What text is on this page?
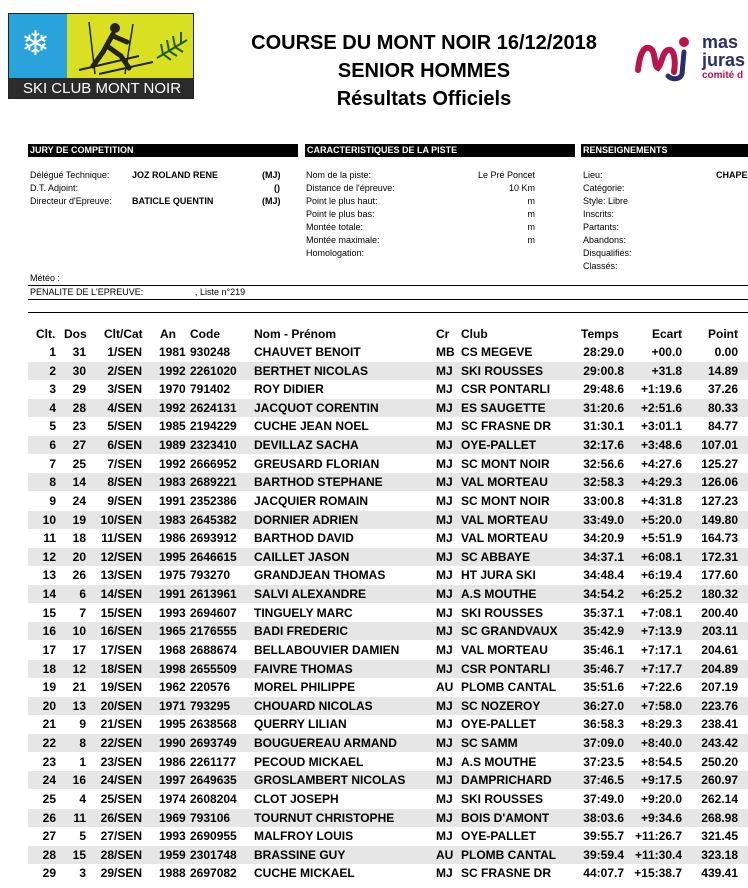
❄
SKI CLUB MONT NOIR
COURSE DU MONT NOIR 16/12/2018
SENIOR HOMMES
Résultats Officiels
mas
juras
comité d
JURY DE COMPETITION	CARACTERISTIQUES DE LA PISTE	RENSEIGNEMENTS
Délégué Technique:	JOZ ROLAND RENE	(MJ)
D.T. Adjoint:	()
Directeur d'Epreuve: BATICLE QUENTIN	(MJ)
Nom de la piste:	Le Pré Poncet
Distance de l'épreuve:	10 Km
Point le plus haut:	m
Point le plus bas:	m
Montée totale:	m
Montée maximale:	m
Homologation:
Lieu:	CHAPE
Catégorie:
Style: Libre
Inscrits:
Partants:
Abandons:
Disqualifiés:
Classés:
Météo :
PENALITE DE L'EPREUVE:	, Liste n°219
Clt. Dos Clt/Cat An Code	Nom - Prénom	Cr Club	Temps	Ecart Point
1	31	1/SEN 1981 930248	CHAUVET BENOIT	MB CS MEGEVE	28:29.0	+00.0	0.00
2	30	2/SEN 1992 2261020	BERTHET NICOLAS	MJ SKI ROUSSES	29:00.8	+31.8	14.89
3	29	3/SEN 1970 791402	ROY DIDIER	MJ CSR PONTARLI	29:48.6	+1:19.6	37.26
4	28	4/SEN 1992 2624131	JACQUOT CORENTIN	MJ ES SAUGETTE	31:20.6	+2:51.6	80.33
5	23	5/SEN 1985 2194229	CUCHE JEAN NOEL	MJ SC FRASNE DR	31:30.1	+3:01.1	84.77
6	27	6/SEN 1989 2323410	DEVILLAZ SACHA	MJ OYE-PALLET	32:17.6	+3:48.6	107.01
7	25	7/SEN 1992 2666952	GREUSARD FLORIAN	MJ SC MONT NOIR	32:56.6	+4:27.6	125.27
8	14	8/SEN 1983 2689221	BARTHOD STEPHANE	MJ VAL MORTEAU	32:58.3	+4:29.3	126.06
9	24	9/SEN 1991 2352386	JACQUIER ROMAIN	MJ SC MONT NOIR	33:00.8	+4:31.8	127.23
10	19	10/SEN 1983 2645382	DORNIER ADRIEN	MJ VAL MORTEAU	33:49.0	+5:20.0	149.80
11	18	11/SEN 1986 2693912	BARTHOD DAVID	MJ VAL MORTEAU	34:20.9	+5:51.9	164.73
12	20	12/SEN 1995 2646615	CAILLET JASON	MJ SC ABBAYE	34:37.1	+6:08.1	172.31
13	26	13/SEN 1975 793270	GRANDJEAN THOMAS	MJ HT JURA SKI	34:48.4	+6:19.4	177.60
14	6	14/SEN 1991 2613961	SALVI ALEXANDRE	MJ A.S MOUTHE	34:54.2	+6:25.2	180.32
15	7	15/SEN 1993 2694607	TINGUELY MARC	MJ SKI ROUSSES	35:37.1	+7:08.1	200.40
16	10	16/SEN 1965 2176555	BADI FREDERIC	MJ SC GRANDVAUX	35:42.9	+7:13.9	203.11
17	17	17/SEN 1968 2688674	BELLABOUVIER DAMIEN	MJ VAL MORTEAU	35:46.1	+7:17.1	204.61
18	12	18/SEN 1998 2655509	FAIVRE THOMAS	MJ CSR PONTARLI	35:46.7	+7:17.7	204.89
19	21	19/SEN 1962 220576	MOREL PHILIPPE	AU PLOMB CANTAL	35:51.6	+7:22.6	207.19
20	13	20/SEN 1971 793295	CHOUARD NICOLAS	MJ SC NOZEROY	36:27.0	+7:58.0	223.76
21	9	21/SEN 1995 2638568	QUERRY LILIAN	MJ OYE-PALLET	36:58.3	+8:29.3	238.41
22	8	22/SEN 1990 2693749	BOUGUEREAU ARMAND	MJ SC SAMM	37:09.0	+8:40.0	243.42
23	1	23/SEN 1986 2261177	PECOUD MICKAEL	MJ A.S MOUTHE	37:23.5	+8:54.5	250.20
24	16	24/SEN 1997 2649635	GROSLAMBERT NICOLAS	MJ DAMPRICHARD	37:46.5	+9:17.5	260.97
25	4	25/SEN 1974 2608204	CLOT JOSEPH	MJ SKI ROUSSES	37:49.0	+9:20.0	262.14
26	11	26/SEN 1969 793106	TOURNUT CHRISTOPHE	MJ BOIS D'AMONT	38:03.6	+9:34.6	268.98
27	5	27/SEN 1993 2690955	MALFROY LOUIS	MJ OYE-PALLET	39:55.7 +11:26.7	321.45
28	15	28/SEN 1959 2301748	BRASSINE GUY	AU PLOMB CANTAL	39:59.4 +11:30.4	323.18
29	3	29/SEN 1988 2697082	CUCHE MICKAEL	MJ SC FRASNE DR	44:07.7 +15:38.7	439.41
